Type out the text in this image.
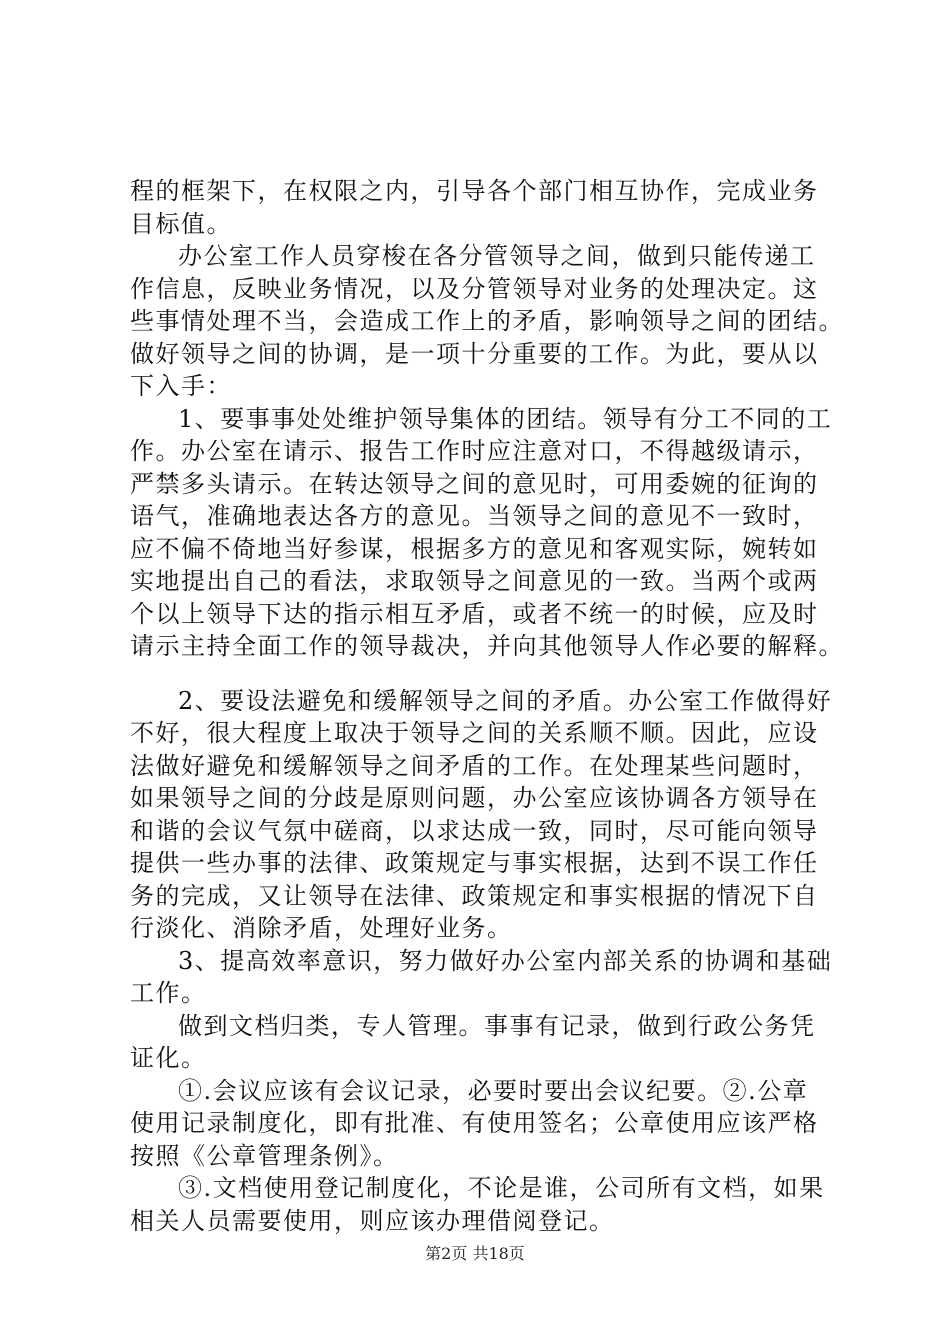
程的框架下，在权限之内，引导各个部门相互协作，完成业务
目标值。
办公室工作人员穿梭在各分管领导之间，做到只能传递工
作信息，反映业务情况，以及分管领导对业务的处理决定。这
些事情处理不当，会造成工作上的矛盾，影响领导之间的团结。
做好领导之间的协调，是一项十分重要的工作。为此，要从以
下入手：
1、要事事处处维护领导集体的团结。领导有分工不同的工
作。办公室在请示、报告工作时应注意对口，不得越级请示，
严禁多头请示。在转达领导之间的意见时，可用委婉的征询的
语气，准确地表达各方的意见。当领导之间的意见不一致时，
应不偏不倚地当好参谋，根据多方的意见和客观实际，婉转如
实地提出自己的看法，求取领导之间意见的一致。当两个或两
个以上领导下达的指示相互矛盾，或者不统一的时候，应及时
请示主持全面工作的领导裁决，并向其他领导人作必要的解释。
2、要设法避免和缓解领导之间的矛盾。办公室工作做得好
不好，很大程度上取决于领导之间的关系顺不顺。因此，应设
法做好避免和缓解领导之间矛盾的工作。在处理某些问题时，
如果领导之间的分歧是原则问题，办公室应该协调各方领导在
和谐的会议气氛中磋商，以求达成一致，同时，尽可能向领导
提供一些办事的法律、政策规定与事实根据，达到不误工作任
务的完成，又让领导在法律、政策规定和事实根据的情况下自
行淡化、消除矛盾，处理好业务。
3、提高效率意识，努力做好办公室内部关系的协调和基础
工作。
做到文档归类，专人管理。事事有记录，做到行政公务凭
证化。
①.会议应该有会议记录，必要时要出会议纪要。②.公章
使用记录制度化，即有批准、有使用签名；公章使用应该严格
按照《公章管理条例》。
③.文档使用登记制度化，不论是谁，公司所有文档，如果
相关人员需要使用，则应该办理借阅登记。
第2页 共18页
